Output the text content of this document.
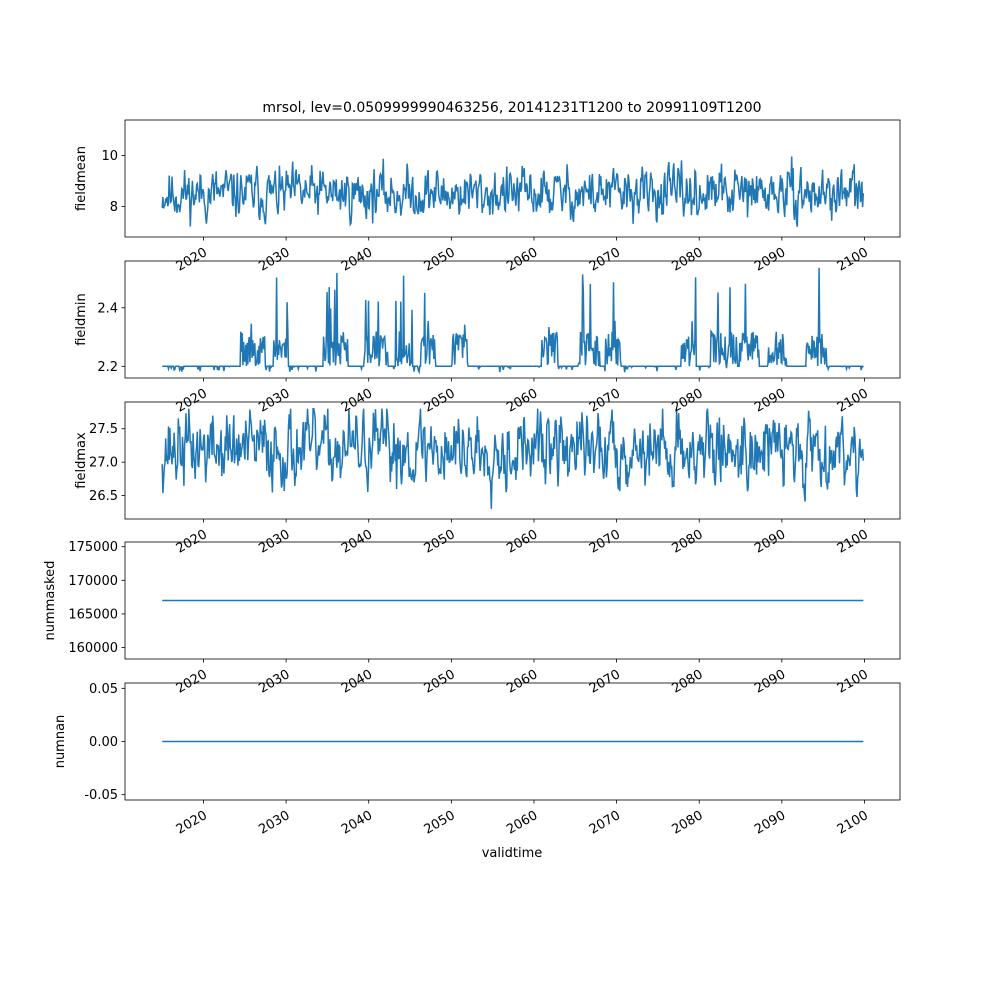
mrsol, lev=0.0509999990463256, 20141231T1200 to 20991109T1200
validtime
-0.05
0.00
0.05
2020	2030	2040	2050	2060	2070	2080	2090	2100
numnan
160000
165000
170000
175000
2020	2030	2040	2050	2060	2070	2080	2090	2100
nummasked
26.5
27.0
27.5
2020	2030	2040	2050	2060	2070	2080	2090	2100
fieldmax
2.2
2.4
2020	2030	2040	2050	2060	2070	2080	2090	2100
fieldmin
8
10
2020	2030	2040	2050	2060	2070	2080	2090	2100
fieldmean
